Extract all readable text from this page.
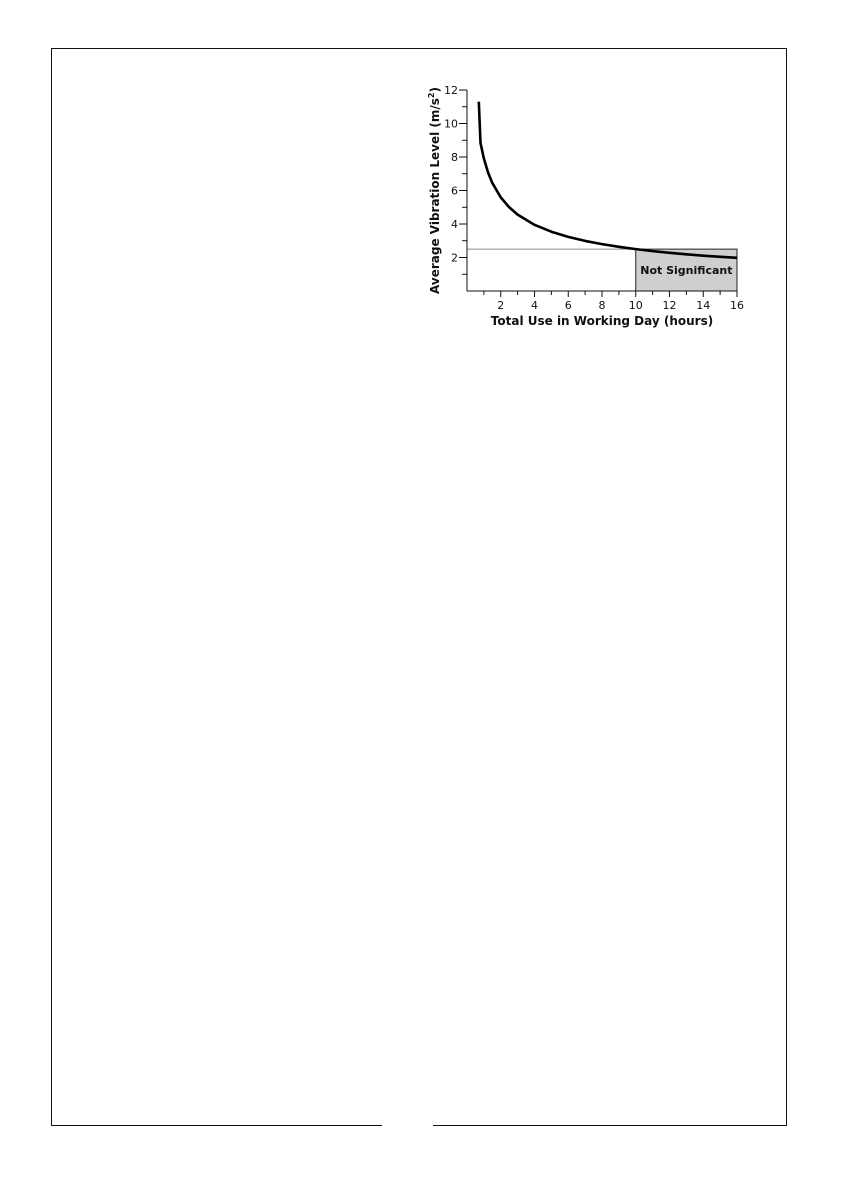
2
4
6
8
10
12
2 4 6 8 10 12 14 16
Not Significant
Total Use in Working Day (hours)
Average Vibration Level $(m/s^2)$
